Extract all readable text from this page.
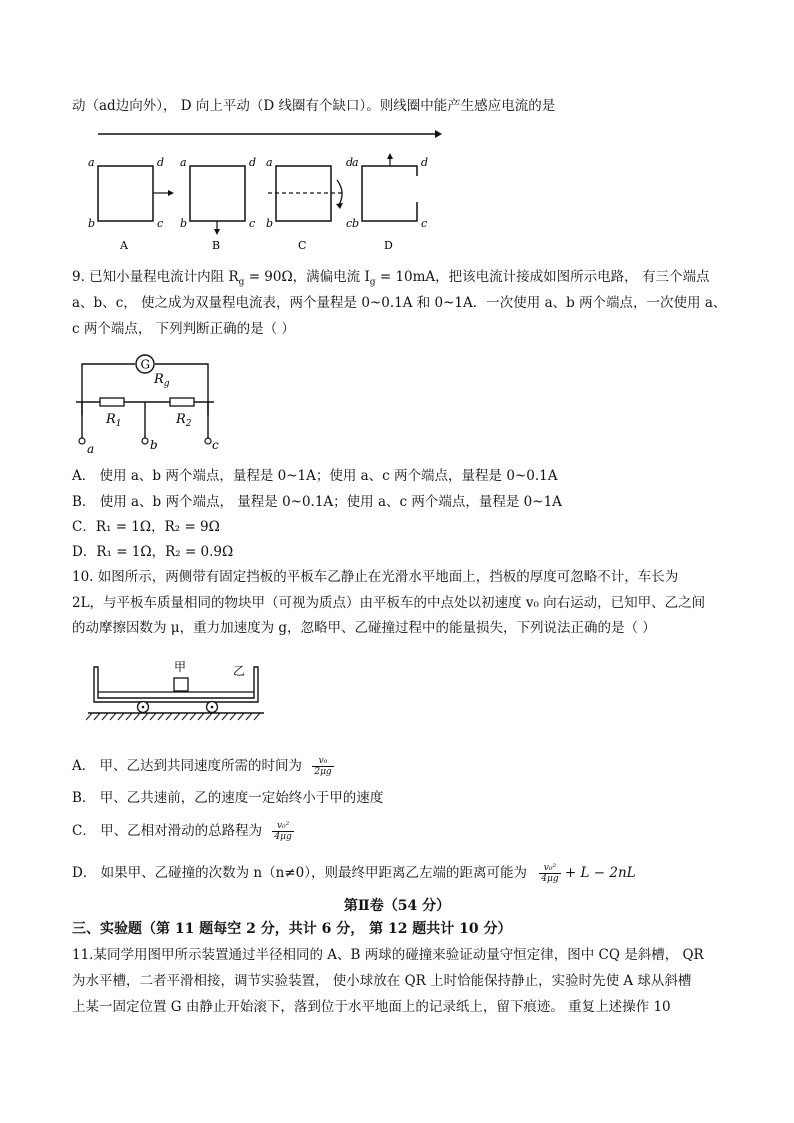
动（ad边向外）， D 向上平动（D 线圈有个缺口）。则线圈中能产生感应电流的是
a	d
b	c
A
a	d
b	c
B
a	d
b	c
C
a	d
b	c
D
9. 已知小量程电流计内阻 $R_g = 90\Omega$，满偏电流 $I_g = 10mA$，把该电流计接成如图所示电路， 有三个端点
a、b、c， 使之成为双量程电流表，两个量程是 0~0.1A 和 0~1A．一次使用 a、b 两个端点，一次使用 a、
c 两个端点， 下列判断正确的是（ ）
G
$R_g$
$R_1$	$R_2$
a	b	c
A． 使用 a、b 两个端点，量程是 0~1A；使用 a、c 两个端点，量程是 0~0.1A
B． 使用 a、b 两个端点， 量程是 0~0.1A；使用 a、c 两个端点，量程是 0~1A
C．R₁ = 1Ω，R₂ = 9Ω
D．R₁ = 1Ω，R₂ = 0.9Ω
10. 如图所示，两侧带有固定挡板的平板车乙静止在光滑水平地面上，挡板的厚度可忽略不计，车长为
2L，与平板车质量相同的物块甲（可视为质点）由平板车的中点处以初速度 v₀ 向右运动，已知甲、乙之间
的动摩擦因数为 μ，重力加速度为 g，忽略甲、乙碰撞过程中的能量损失，下列说法正确的是（ ）
甲	乙
A． 甲、乙达到共同速度所需的时间为 $\frac{\text{v₀}}{2\mu g}$
B． 甲、乙共速前，乙的速度一定始终小于甲的速度
C． 甲、乙相对滑动的总路程为 $\frac{\text{v₀²}}{4\mu g}$
D． 如果甲、乙碰撞的次数为 n（n≠0），则最终甲距离乙左端的距离可能为 $\frac{\text{v₀²}}{4\mu g} + L - 2nL$
第Ⅱ卷（54 分）
三、实验题（第 11 题每空 2 分，共计 6 分， 第 12 题共计 10 分）
11.某同学用图甲所示装置通过半径相同的 A、B 两球的碰撞来验证动量守恒定律，图中 CQ 是斜槽， QR
为水平槽，二者平滑相接，调节实验装置， 使小球放在 QR 上时恰能保持静止，实验时先使 A 球从斜槽
上某一固定位置 G 由静止开始滚下，落到位于水平地面上的记录纸上，留下痕迹。 重复上述操作 10
